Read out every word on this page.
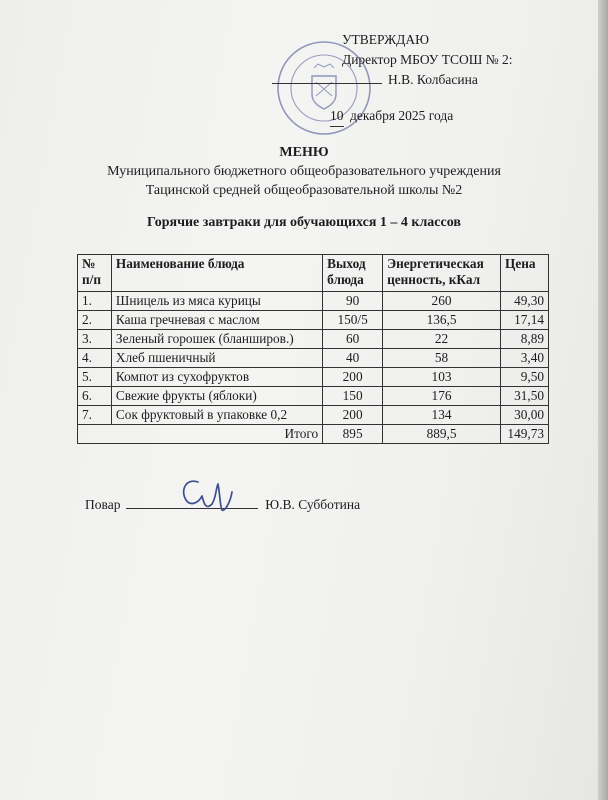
УТВЕРЖДАЮ
Директор МБОУ ТСОШ № 2:
Н.В. Колбасина
10 декабря 2025 года
МЕНЮ
Муниципального бюджетного общеобразовательного учреждения
Тацинской средней общеобразовательной школы №2
Горячие завтраки для обучающихся 1 – 4 классов
№ п/п	Наименование блюда	Выход блюда	Энергетическая ценность, кКал	Цена
1.	Шницель из мяса курицы	90	260	49,30
2.	Каша гречневая с маслом	150/5	136,5	17,14
3.	Зеленый горошек (бланширов.)	60	22	8,89
4.	Хлеб пшеничный	40	58	3,40
5.	Компот из сухофруктов	200	103	9,50
6.	Свежие фрукты (яблоки)	150	176	31,50
7.	Сок фруктовый в упаковке 0,2	200	134	30,00
Итого		895	889,5	149,73
Повар	Ю.В. Субботина
